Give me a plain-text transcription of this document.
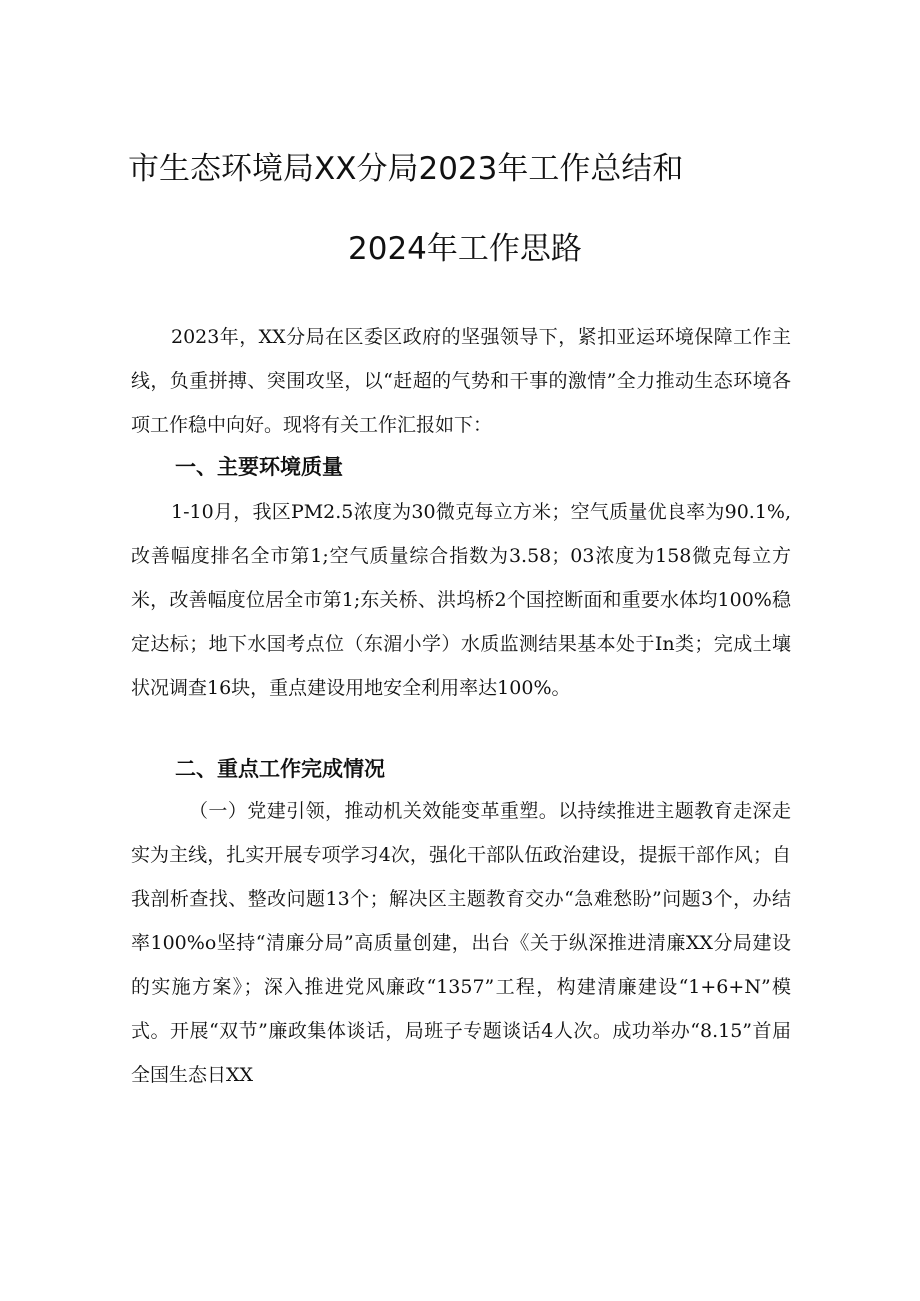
市生态环境局XX分局2023年工作总结和
2024年工作思路

2023年，XX分局在区委区政府的坚强领导下，紧扣亚运环境保障工作主线，负重拼搏、突围攻坚，以“赶超的气势和干事的激情”全力推动生态环境各项工作稳中向好。现将有关工作汇报如下：

一、主要环境质量

1-10月，我区PM2.5浓度为30微克每立方米；空气质量优良率为90.1%,改善幅度排名全市第1;空气质量综合指数为3.58；03浓度为158微克每立方米，改善幅度位居全市第1;东关桥、洪坞桥2个国控断面和重要水体均100%稳定达标；地下水国考点位（东湄小学）水质监测结果基本处于In类；完成土壤状况调查16块，重点建设用地安全利用率达100%。

二、重点工作完成情况

（一）党建引领，推动机关效能变革重塑。以持续推进主题教育走深走实为主线，扎实开展专项学习4次，强化干部队伍政治建设，提振干部作风；自我剖析查找、整改问题13个；解决区主题教育交办“急难愁盼”问题3个，办结率100%o坚持“清廉分局”高质量创建，出台《关于纵深推进清廉XX分局建设的实施方案》；深入推进党风廉政“1357”工程，构建清廉建设“1+6+N”模式。开展“双节”廉政集体谈话，局班子专题谈话4人次。成功举办“8.15”首届全国生态日XX
